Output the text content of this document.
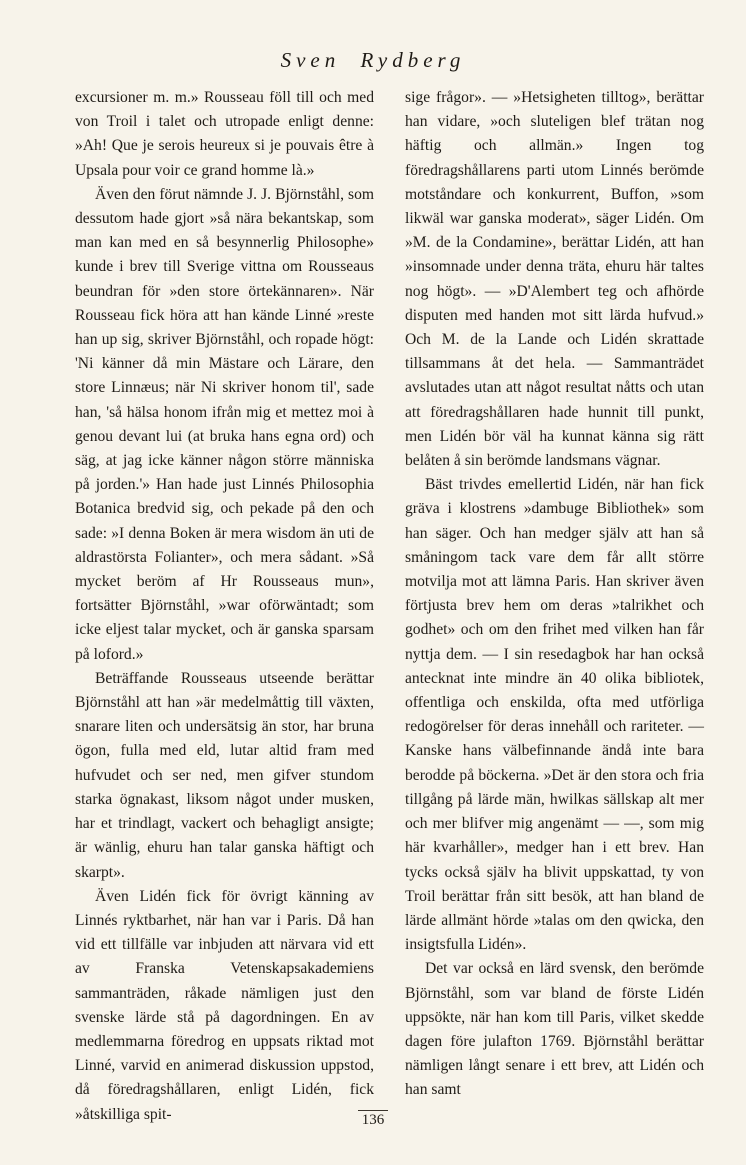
Sven Rydberg

excursioner m. m.» Rousseau föll till och med von Troil i talet och utropade enligt denne: »Ah! Que je serois heureux si je pouvais être à Upsala pour voir ce grand homme là.»

Även den förut nämnde J. J. Björnståhl, som dessutom hade gjort »så nära bekantskap, som man kan med en så besynnerlig Philosophe» kunde i brev till Sverige vittna om Rousseaus beundran för »den store örtekännaren». När Rousseau fick höra att han kände Linné »reste han up sig, skriver Björnståhl, och ropade högt: 'Ni känner då min Mästare och Lärare, den store Linnæus; när Ni skriver honom til', sade han, 'så hälsa honom ifrån mig et mettez moi à genou devant lui (at bruka hans egna ord) och säg, at jag icke känner någon större människa på jorden.'» Han hade just Linnés Philosophia Botanica bredvid sig, och pekade på den och sade: »I denna Boken är mera wisdom än uti de aldrastörsta Folianter», och mera sådant. »Så mycket beröm af Hr Rousseaus mun», fortsätter Björnståhl, »war oförwäntadt; som icke eljest talar mycket, och är ganska sparsam på loford.»

Beträffande Rousseaus utseende berättar Björnståhl att han »är medelmåttig till växten, snarare liten och undersätsig än stor, har bruna ögon, fulla med eld, lutar altid fram med hufvudet och ser ned, men gifver stundom starka ögnakast, liksom något under musken, har et trindlagt, vackert och behagligt ansigte; är wänlig, ehuru han talar ganska häftigt och skarpt».

Även Lidén fick för övrigt känning av Linnés ryktbarhet, när han var i Paris. Då han vid ett tillfälle var inbjuden att närvara vid ett av Franska Vetenskapsakademiens sammanträden, råkade nämligen just den svenske lärde stå på dagordningen. En av medlemmarna föredrog en uppsats riktad mot Linné, varvid en animerad diskussion uppstod, då föredragshållaren, enligt Lidén, fick »åtskilliga spit-

sige frågor». — »Hetsigheten tilltog», berättar han vidare, »och slutеligen blef trätan nog häftig och allmän.» Ingen tog föredragshållarens parti utom Linnés berömde motståndare och konkurrent, Buffon, »som likwäl war ganska moderat», säger Lidén. Om »M. de la Condamine», berättar Lidén, att han »insomnade under denna träta, ehuru här taltes nog högt». — »D'Alembert teg och afhörde disputen med handen mot sitt lärda hufvud.» Och M. de la Lande och Lidén skrattade tillsammans åt det hela. — Sammanträdet avslutades utan att något resultat nåtts och utan att föredragshållaren hade hunnit till punkt, men Lidén bör väl ha kunnat känna sig rätt belåten å sin berömde landsmans vägnar.

Bäst trivdes emellertid Lidén, när han fick gräva i klostrens »dambuge Bibliothek» som han säger. Och han medger själv att han så småningom tack vare dem får allt större motvilja mot att lämna Paris. Han skriver även förtjusta brev hem om deras »talrikhet och godhet» och om den frihet med vilken han får nyttja dem. — I sin resedagbok har han också antecknat inte mindre än 40 olika bibliotek, offentliga och enskilda, ofta med utförliga redogörelser för deras innehåll och rariteter. — Kanske hans välbefinnande ändå inte bara berodde på böckerna. »Det är den stora och fria tillgång på lärde män, hwilkas sällskap alt mer och mer blifver mig angenämt — —, som mig här kvarhåller», medger han i ett brev. Han tycks också själv ha blivit uppskattad, ty von Troil berättar från sitt besök, att han bland de lärde allmänt hörde »talas om den qwicka, den insigtsfulla Lidén».

Det var också en lärd svensk, den berömde Björnståhl, som var bland de förste Lidén uppsökte, när han kom till Paris, vilket skedde dagen före julafton 1769. Björnståhl berättar nämligen långt senare i ett brev, att Lidén och han samt

136
